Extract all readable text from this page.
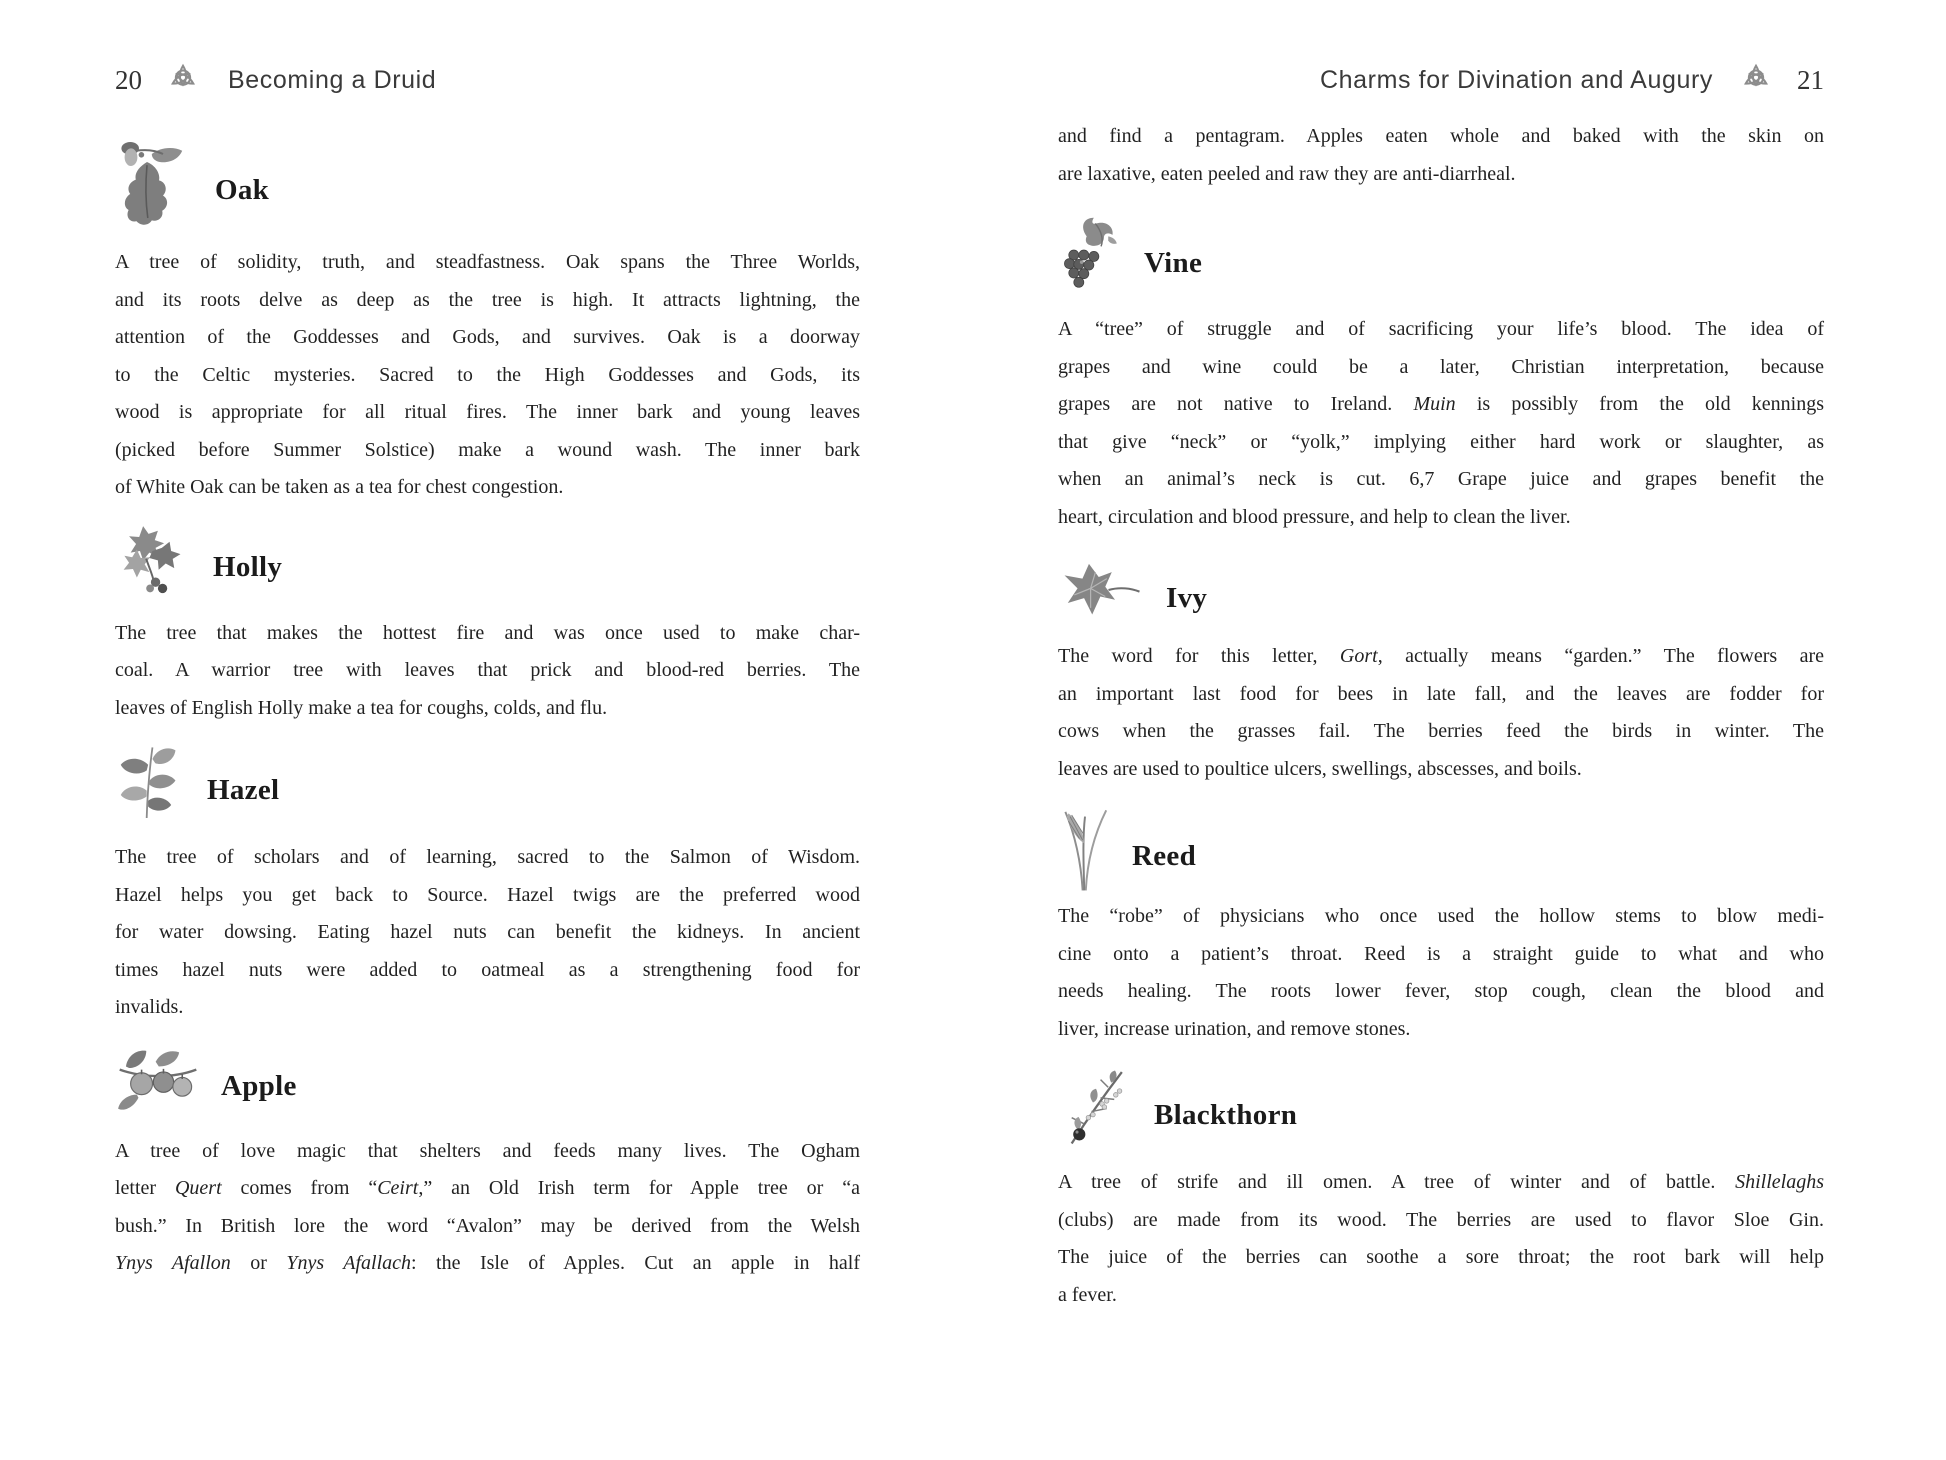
20	Becoming a Druid
Oak
A tree of solidity, truth, and steadfastness. Oak spans the Three Worlds,
and its roots delve as deep as the tree is high. It attracts lightning, the
attention of the Goddesses and Gods, and survives. Oak is a doorway
to the Celtic mysteries. Sacred to the High Goddesses and Gods, its
wood is appropriate for all ritual fires. The inner bark and young leaves
(picked before Summer Solstice) make a wound wash. The inner bark
of White Oak can be taken as a tea for chest congestion.
Holly
The tree that makes the hottest fire and was once used to make char-
coal. A warrior tree with leaves that prick and blood-red berries. The
leaves of English Holly make a tea for coughs, colds, and flu.
Hazel
The tree of scholars and of learning, sacred to the Salmon of Wisdom.
Hazel helps you get back to Source. Hazel twigs are the preferred wood
for water dowsing. Eating hazel nuts can benefit the kidneys. In ancient
times hazel nuts were added to oatmeal as a strengthening food for
invalids.
Apple
A tree of love magic that shelters and feeds many lives. The Ogham
letter Quert comes from “Ceirt,” an Old Irish term for Apple tree or “a
bush.” In British lore the word “Avalon” may be derived from the Welsh
Ynys Afallon or Ynys Afallach: the Isle of Apples. Cut an apple in half
Charms for Divination and Augury	21
and find a pentagram. Apples eaten whole and baked with the skin on
are laxative, eaten peeled and raw they are anti-diarrheal.
Vine
A “tree” of struggle and of sacrificing your life’s blood. The idea of
grapes and wine could be a later, Christian interpretation, because
grapes are not native to Ireland. Muin is possibly from the old kennings
that give “neck” or “yolk,” implying either hard work or slaughter, as
when an animal’s neck is cut. 6,7 Grape juice and grapes benefit the
heart, circulation and blood pressure, and help to clean the liver.
Ivy
The word for this letter, Gort, actually means “garden.” The flowers are
an important last food for bees in late fall, and the leaves are fodder for
cows when the grasses fail. The berries feed the birds in winter. The
leaves are used to poultice ulcers, swellings, abscesses, and boils.
Reed
The “robe” of physicians who once used the hollow stems to blow medi-
cine onto a patient’s throat. Reed is a straight guide to what and who
needs healing. The roots lower fever, stop cough, clean the blood and
liver, increase urination, and remove stones.
Blackthorn
A tree of strife and ill omen. A tree of winter and of battle. Shillelaghs
(clubs) are made from its wood. The berries are used to flavor Sloe Gin.
The juice of the berries can soothe a sore throat; the root bark will help
a fever.
